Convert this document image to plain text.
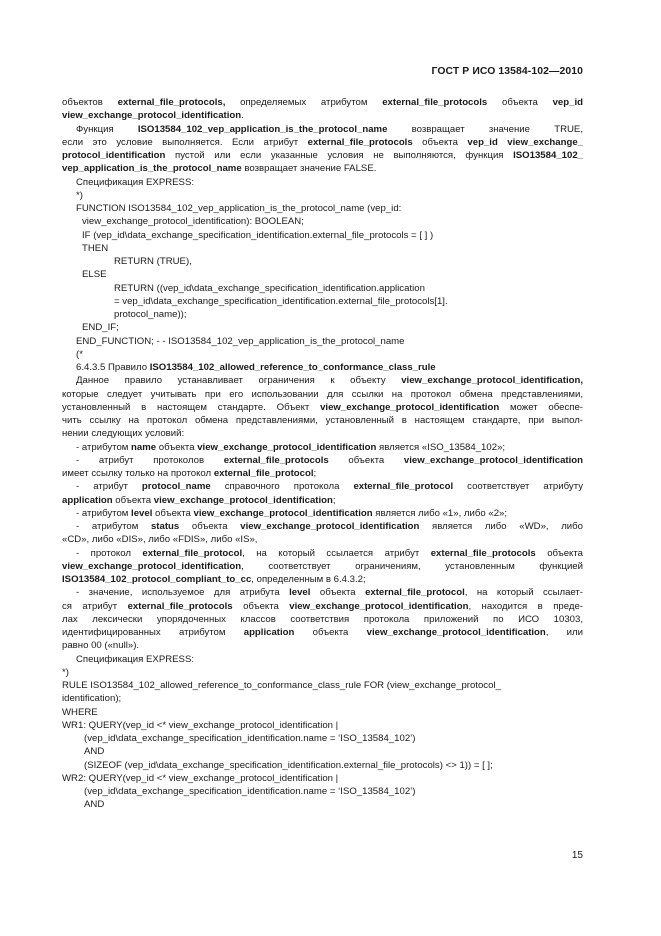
ГОСТ Р ИСО 13584-102—2010
объектов external_file_protocols, определяемых атрибутом external_file_protocols объекта vep_id
view_exchange_protocol_identification.
Функция ISO13584_102_vep_application_is_the_protocol_name возвращает значение TRUE,
если это условие выполняется. Если атрибут external_file_protocols объекта vep_id view_exchange_
protocol_identification пустой или если указанные условия не выполняются, функция ISO13584_102_
vep_application_is_the_protocol_name возвращает значение FALSE.
Спецификация EXPRESS:
*)
FUNCTION ISO13584_102_vep_application_is_the_protocol_name (vep_id:
view_exchange_protocol_identification): BOOLEAN;
IF (vep_id\data_exchange_specification_identification.external_file_protocols = [ ] )
THEN
RETURN (TRUE),
ELSE
RETURN ((vep_id\data_exchange_specification_identification.application
= vep_id\data_exchange_specification_identification.external_file_protocols[1].
protocol_name));
END_IF;
END_FUNCTION; - - ISO13584_102_vep_application_is_the_protocol_name
(*
6.4.3.5 Правило ISO13584_102_allowed_reference_to_conformance_class_rule
Данное правило устанавливает ограничения к объекту view_exchange_protocol_identification,
которые следует учитывать при его использовании для ссылки на протокол обмена представлениями,
установленный в настоящем стандарте. Объект view_exchange_protocol_identification может обеспе-
чить ссылку на протокол обмена представлениями, установленный в настоящем стандарте, при выпол-
нении следующих условий:
- атрибутом name объекта view_exchange_protocol_identification является «ISO_13584_102»;
- атрибут протоколов external_file_protocols объекта view_exchange_protocol_identification
имеет ссылку только на протокол external_file_protocol;
- атрибут protocol_name справочного протокола external_file_protocol соответствует атрибуту
application объекта view_exchange_protocol_identification;
- атрибутом level объекта view_exchange_protocol_identification является либо «1», либо «2»;
- атрибутом status объекта view_exchange_protocol_identification является либо «WD», либо
«CD», либо «DIS», либо «FDIS», либо «IS»,
- протокол external_file_protocol, на который ссылается атрибут external_file_protocols объекта
view_exchange_protocol_identification, соответствует ограничениям, установленным функцией
ISO13584_102_protocol_compliant_to_cc, определенным в 6.4.3.2;
- значение, используемое для атрибута level объекта external_file_protocol, на который ссылает-
ся атрибут external_file_protocols объекта view_exchange_protocol_identification, находится в преде-
лах лексически упорядоченных классов соответствия протокола приложений по ИСО 10303,
идентифицированных атрибутом application объекта view_exchange_protocol_identification, или
равно 00 («null»).
Спецификация EXPRESS:
*)
RULE ISO13584_102_allowed_reference_to_conformance_class_rule FOR (view_exchange_protocol_
identification);
WHERE
WR1: QUERY(vep_id <* view_exchange_protocol_identification |
(vep_id\data_exchange_specification_identification.name = ‘ISO_13584_102’)
AND
(SIZEOF (vep_id\data_exchange_specification_identification.external_file_protocols) <> 1)) = [ ];
WR2: QUERY(vep_id <* view_exchange_protocol_identification |
(vep_id\data_exchange_specification_identification.name = ‘ISO_13584_102’)
AND
15
